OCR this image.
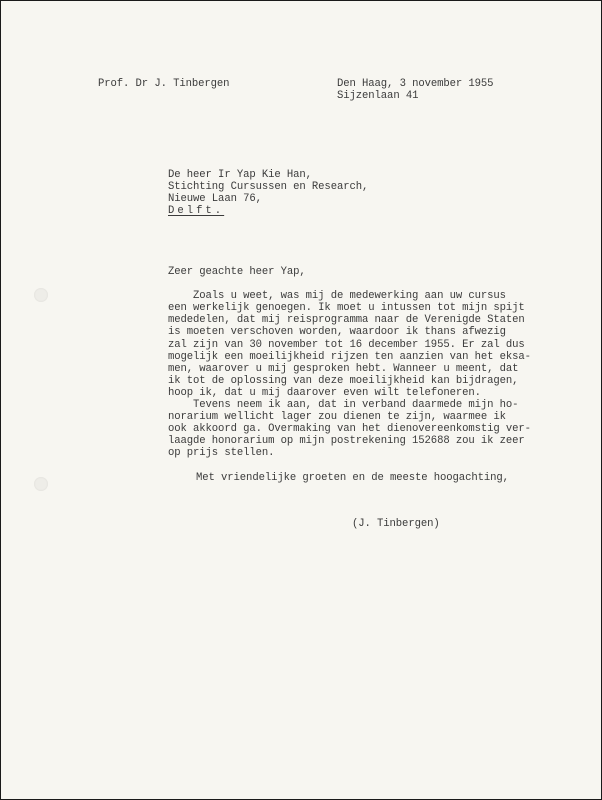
Prof. Dr J. Tinbergen	Den Haag, 3 november 1955
Sijzenlaan 41
De heer Ir Yap Kie Han,
Stichting Cursussen en Research,
Nieuwe Laan 76,
Delft.
Zeer geachte heer Yap,
Zoals u weet, was mij de medewerking aan uw cursus
een werkelijk genoegen. Ik moet u intussen tot mijn spijt
mededelen, dat mij reisprogramma naar de Verenigde Staten
is moeten verschoven worden, waardoor ik thans afwezig
zal zijn van 30 november tot 16 december 1955. Er zal dus
mogelijk een moeilijkheid rijzen ten aanzien van het eksa-
men, waarover u mij gesproken hebt. Wanneer u meent, dat
ik tot de oplossing van deze moeilijkheid kan bijdragen,
hoop ik, dat u mij daarover even wilt telefoneren.
Tevens neem ik aan, dat in verband daarmede mijn ho-
norarium wellicht lager zou dienen te zijn, waarmee ik
ook akkoord ga. Overmaking van het dienovereenkomstig ver-
laagde honorarium op mijn postrekening 152688 zou ik zeer
op prijs stellen.
Met vriendelijke groeten en de meeste hoogachting,
(J. Tinbergen)
